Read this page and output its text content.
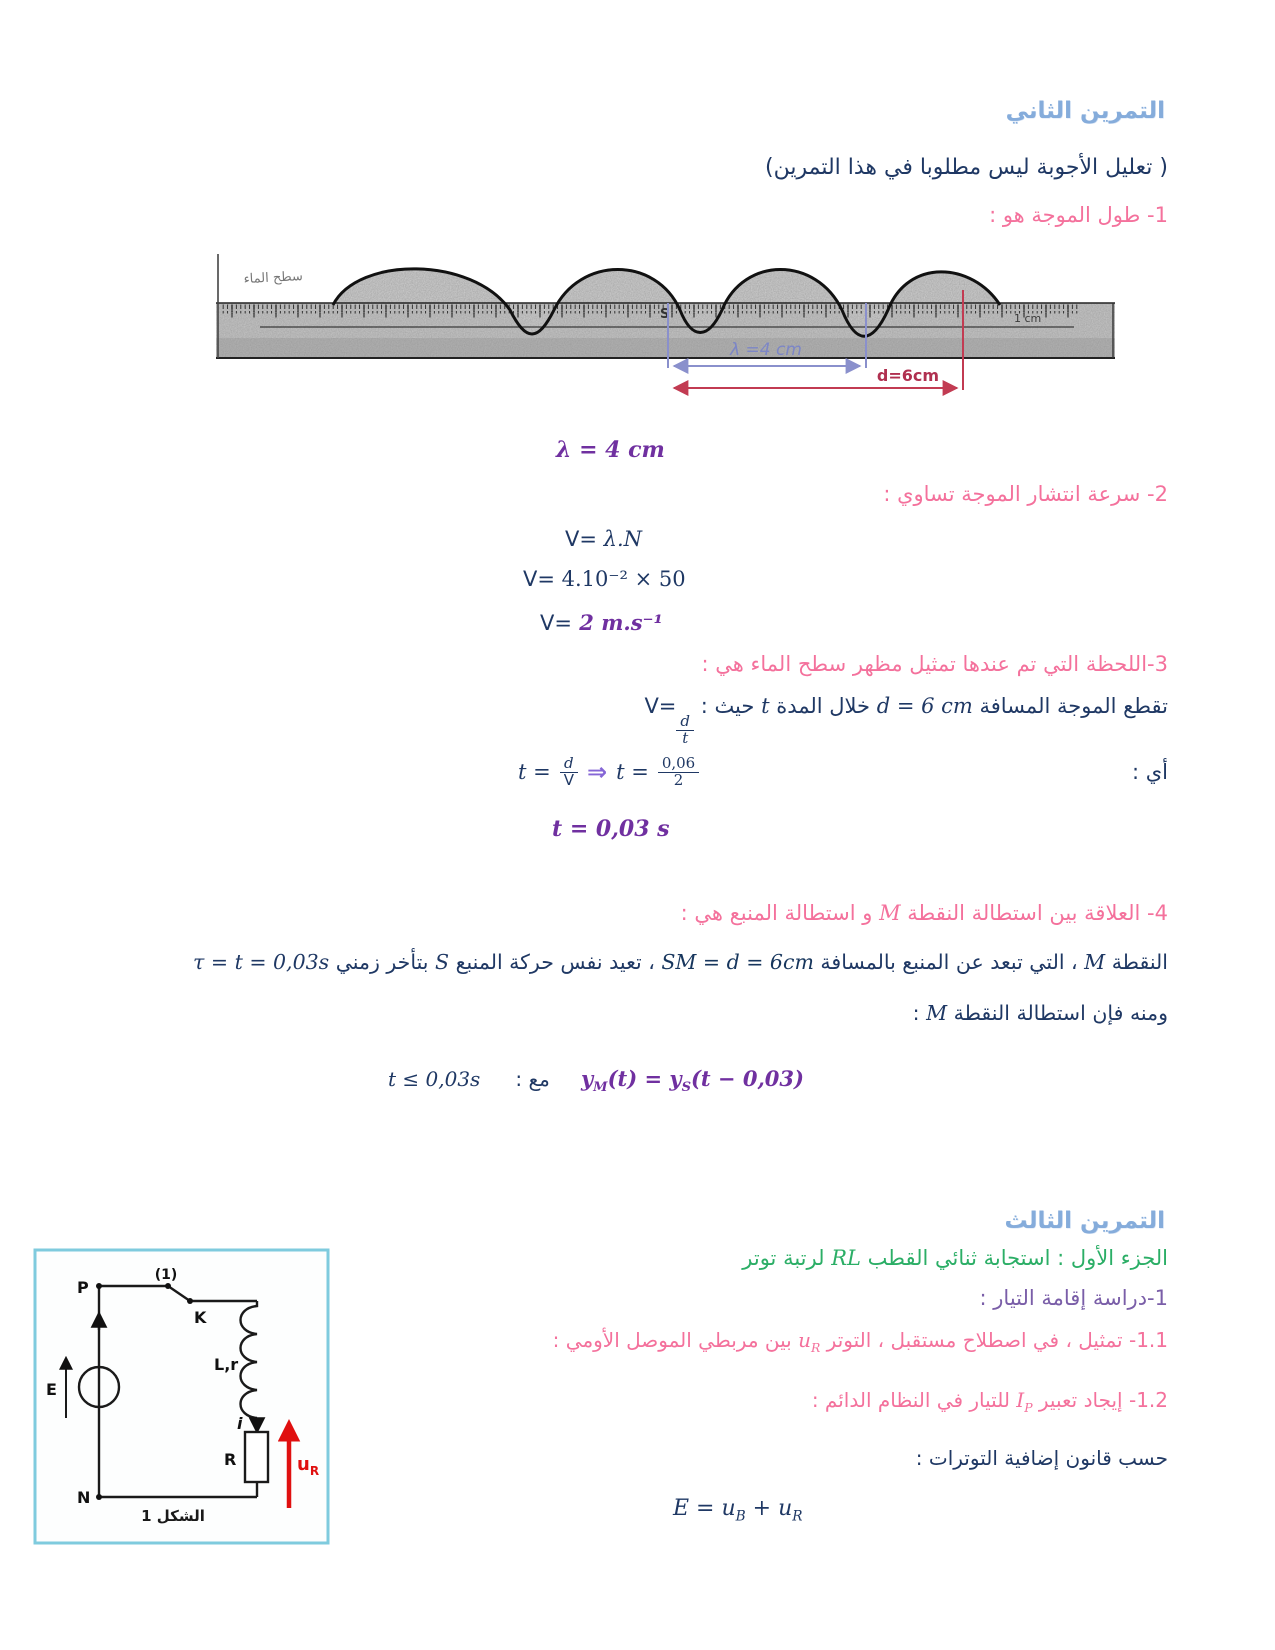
التمرين الثاني
( تعليل الأجوبة ليس مطلوبا في هذا التمرين)
1- طول الموجة هو :
سطح الماء
S	1 cm
λ =4 cm
d=6cm
λ = 4 cm
2- سرعة انتشار الموجة تساوي :
V= λ.N
V= 4.10⁻² × 50
V= 2 m.s⁻¹
3-اللحظة التي تم عندها تمثيل مظهر سطح الماء هي :
تقطع الموجة المسافة d = 6 cm خلال المدة t حيث : V=
$\frac{d}{t}$
أي :
$t = \frac{d}{V}$ ⇒ $t = \frac{0,06}{2}$
t = 0,03 s
4- العلاقة بين استطالة النقطة M و استطالة المنبع هي :
النقطة M ، التي تبعد عن المنبع بالمسافة SM = d = 6cm ، تعيد نفس حركة المنبع S بتأخر زمني τ = t = 0,03s
ومنه فإن استطالة النقطة M :
t ≤ 0,03s مع : $y_M(t) = y_S(t - 0,03)$
التمرين الثالث
الجزء الأول : استجابة ثنائي القطب RL لرتبة توتر
1-دراسة إقامة التيار :
1.1- تمثيل ، في اصطلاح مستقبل ، التوتر $u_R$ بين مربطي الموصل الأومي :
1.2- إيجاد تعبير $I_P$ للتيار في النظام الدائم :
حسب قانون إضافية التوترات :
$E = u_B + u_R$
(1)
P
K
L,r
i
R	$u_R$
E
N
الشكل 1
